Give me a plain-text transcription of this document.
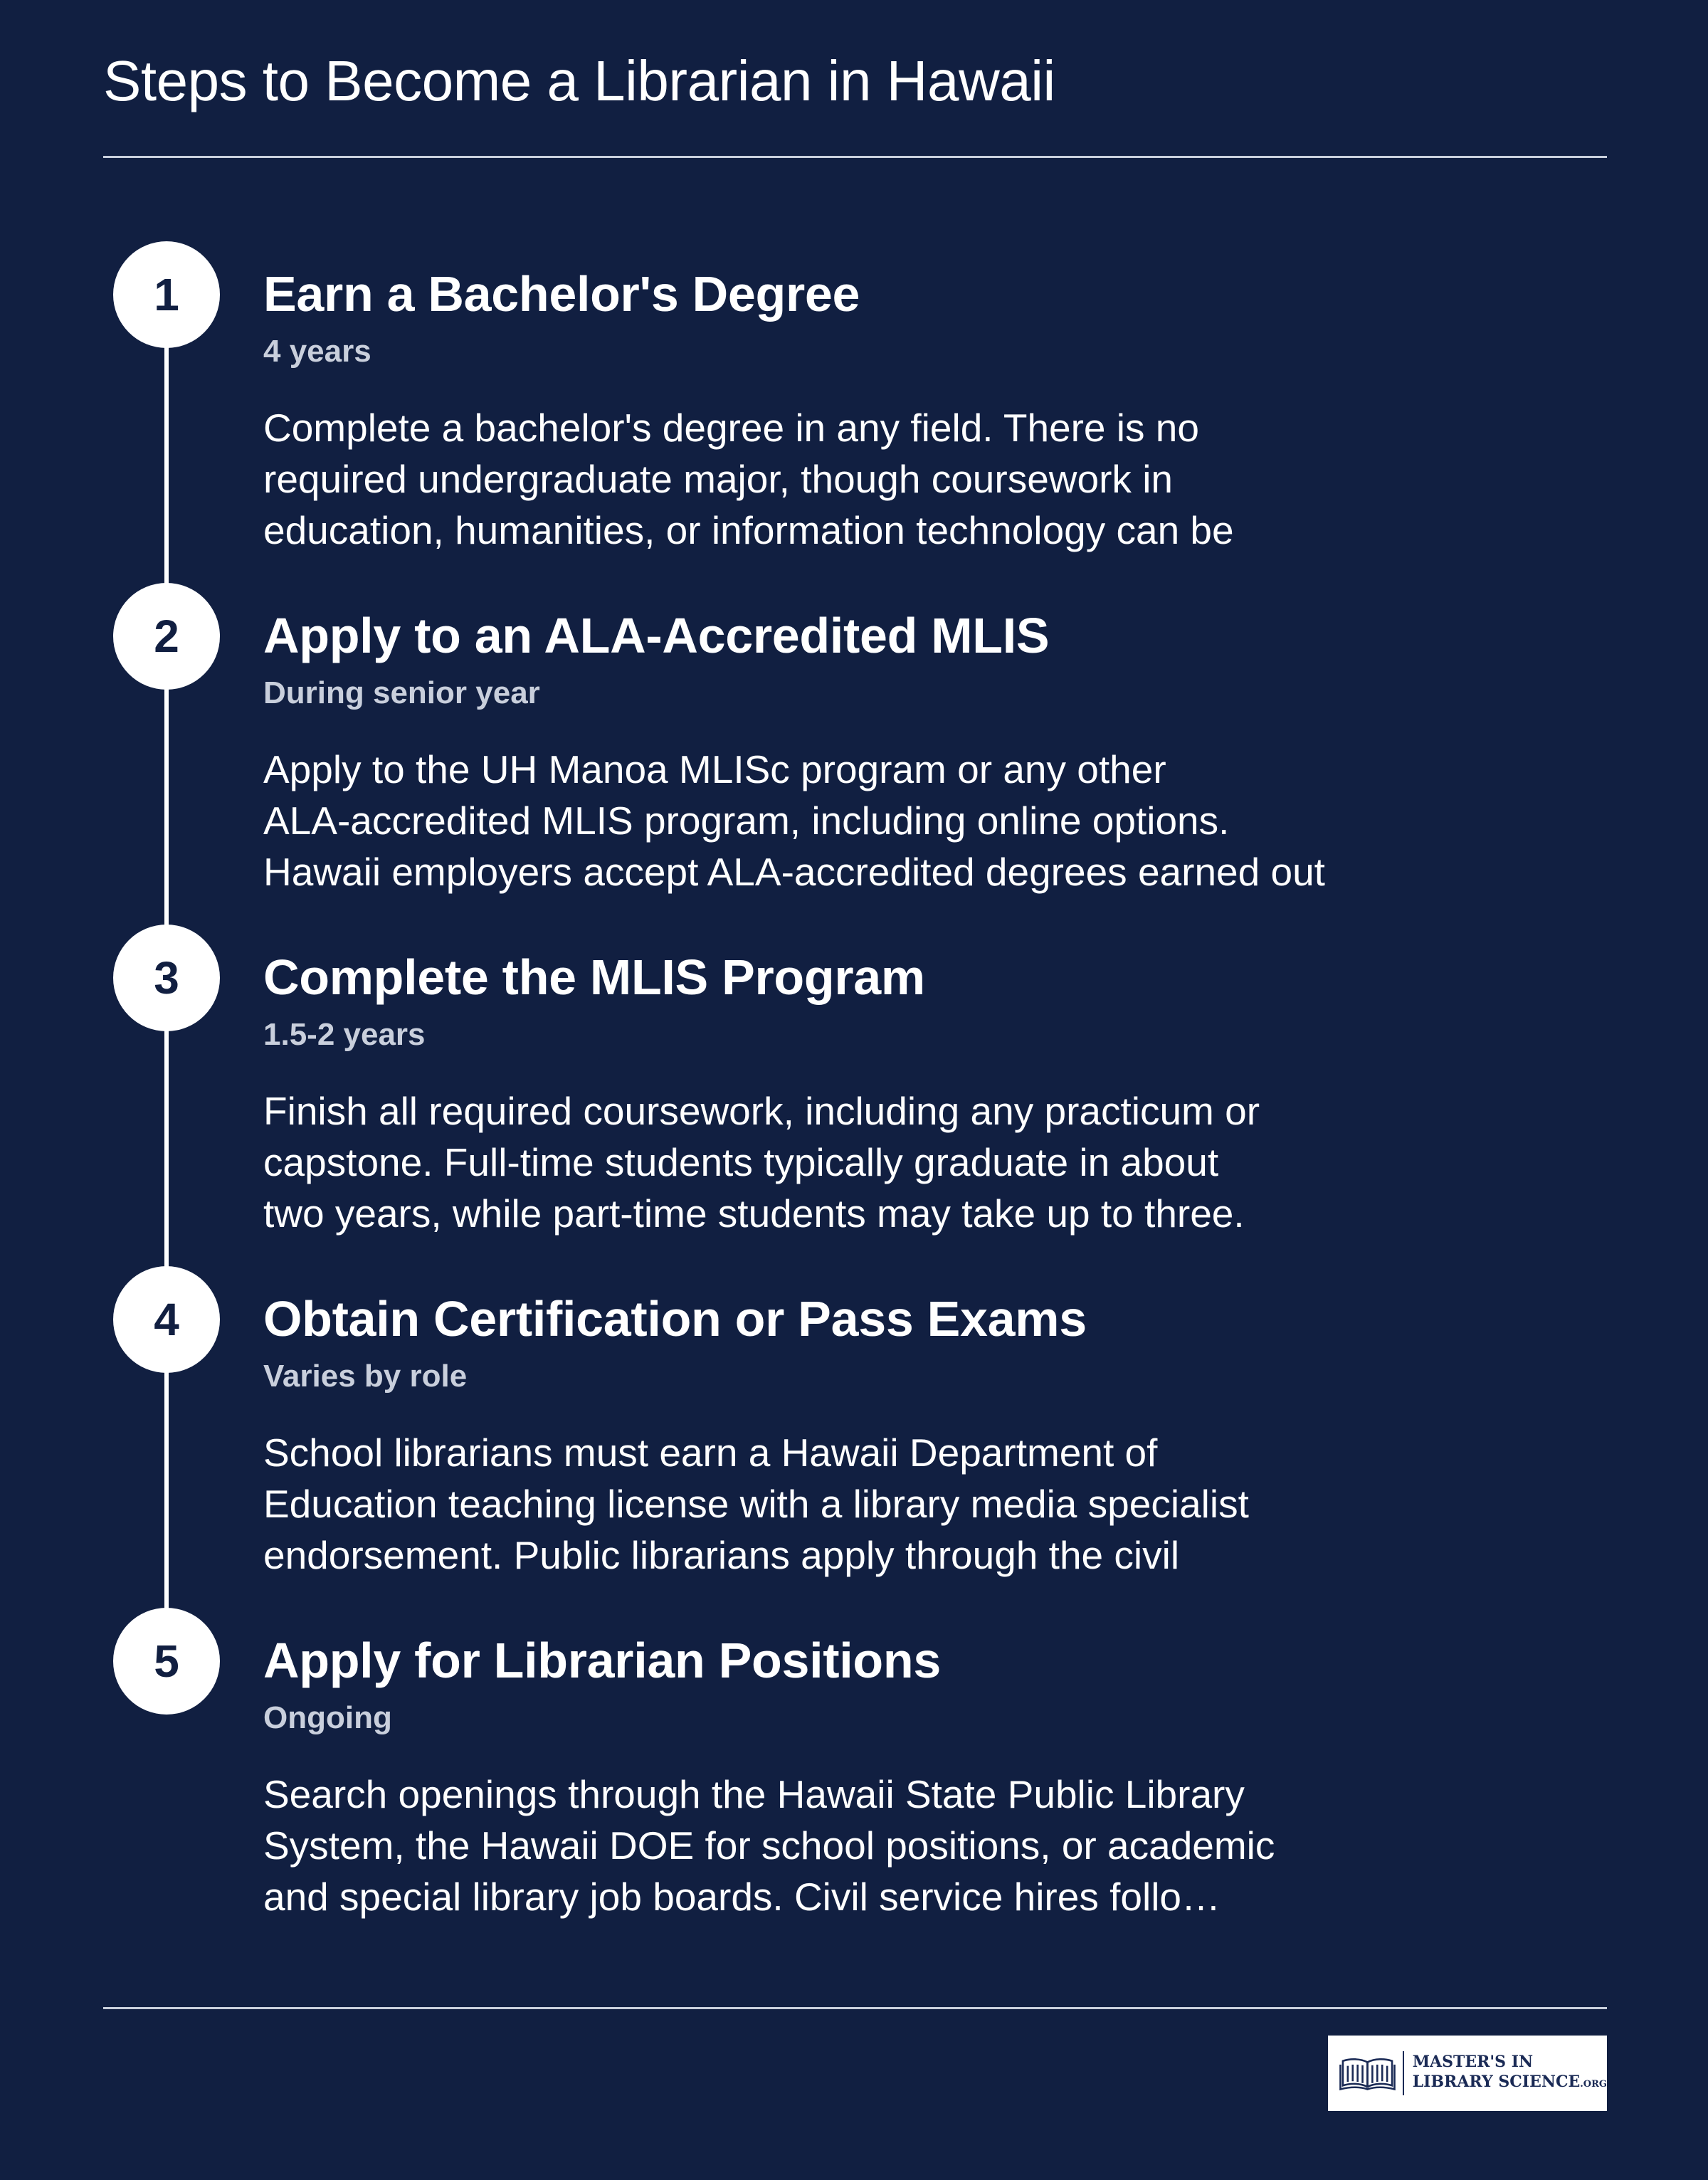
Steps to Become a Librarian in Hawaii
1	Earn a Bachelor's Degree
4 years
Complete a bachelor's degree in any field. There is no
required undergraduate major, though coursework in
education, humanities, or information technology can be
2	Apply to an ALA-Accredited MLIS
During senior year
Apply to the UH Manoa MLISc program or any other
ALA-accredited MLIS program, including online options.
Hawaii employers accept ALA-accredited degrees earned out
3	Complete the MLIS Program
1.5-2 years
Finish all required coursework, including any practicum or
capstone. Full-time students typically graduate in about
two years, while part-time students may take up to three.
4	Obtain Certification or Pass Exams
Varies by role
School librarians must earn a Hawaii Department of
Education teaching license with a library media specialist
endorsement. Public librarians apply through the civil
5	Apply for Librarian Positions
Ongoing
Search openings through the Hawaii State Public Library
System, the Hawaii DOE for school positions, or academic
and special library job boards. Civil service hires follo…
MASTER'S IN
LIBRARY SCIENCE.ORG
